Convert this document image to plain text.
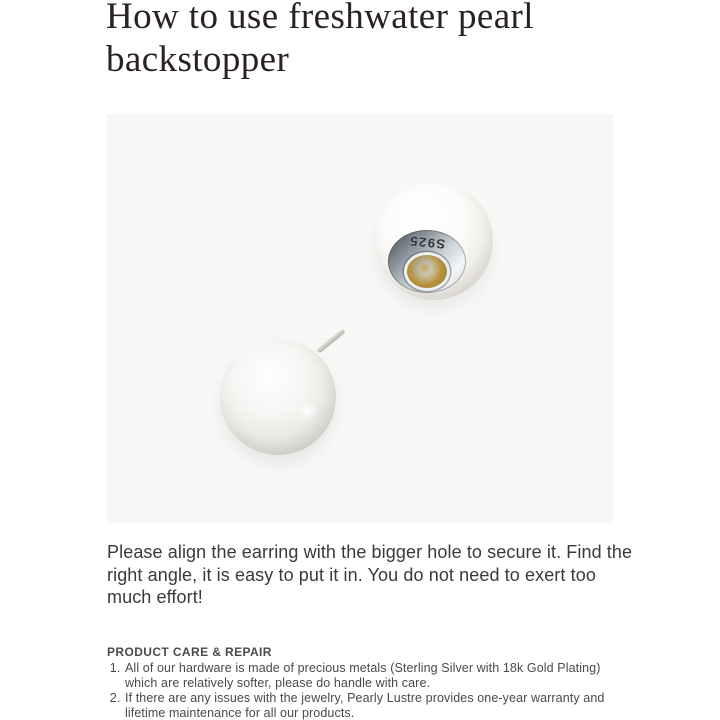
How to use freshwater pearl backstopper
S925

Please align the earring with the bigger hole to secure it. Find the right angle, it is easy to put it in. You do not need to exert too much effort!

PRODUCT CARE & REPAIR

1. All of our hardware is made of precious metals (Sterling Silver with 18k Gold Plating) which are relatively softer, please do handle with care.
2. If there are any issues with the jewelry, Pearly Lustre provides one-year warranty and lifetime maintenance for all our products.
